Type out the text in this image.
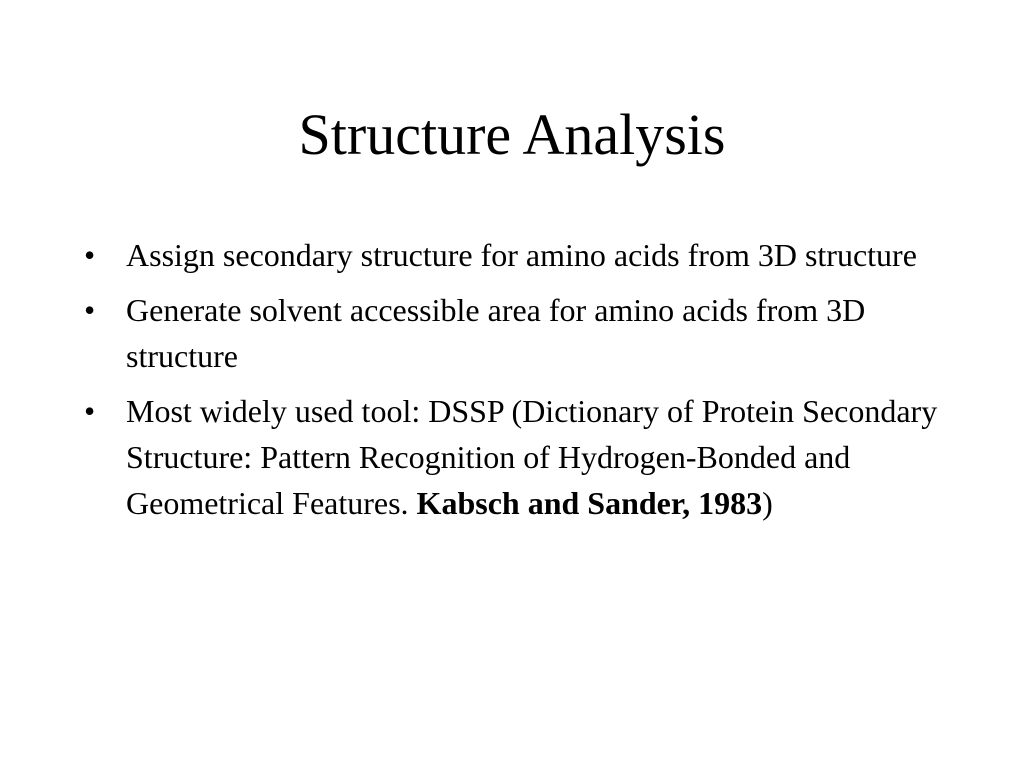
Structure Analysis
• Assign secondary structure for amino acids from 3D structure
• Generate solvent accessible area for amino acids from 3D structure
• Most widely used tool: DSSP (Dictionary of Protein Secondary Structure: Pattern Recognition of Hydrogen-Bonded and Geometrical Features. Kabsch and Sander, 1983)
